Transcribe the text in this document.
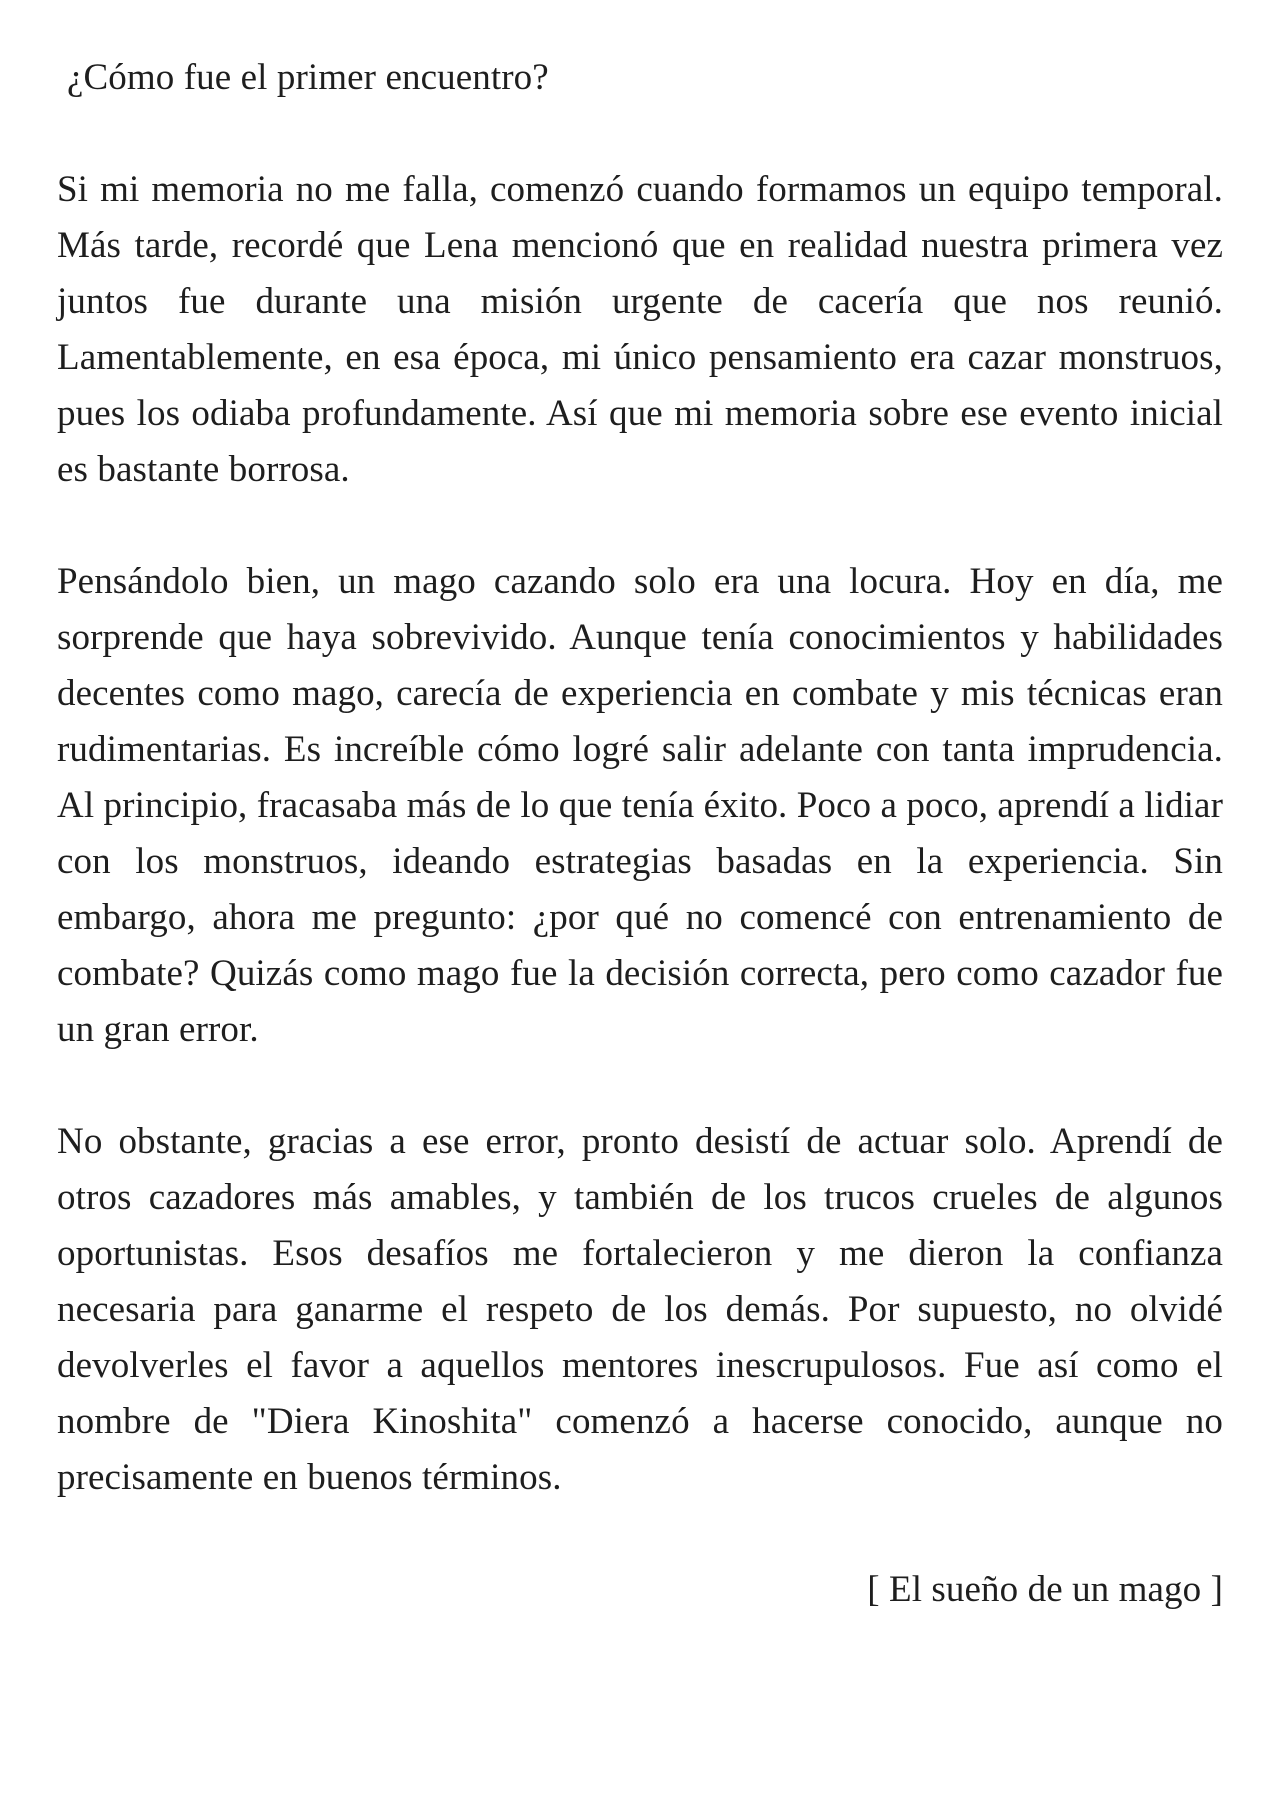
¿Cómo fue el primer encuentro?

Si mi memoria no me falla, comenzó cuando formamos un equipo temporal. Más tarde, recordé que Lena mencionó que en realidad nuestra primera vez juntos fue durante una misión urgente de cacería que nos reunió. Lamentablemente, en esa época, mi único pensamiento era cazar monstruos, pues los odiaba profundamente. Así que mi memoria sobre ese evento inicial es bastante borrosa.

Pensándolo bien, un mago cazando solo era una locura. Hoy en día, me sorprende que haya sobrevivido. Aunque tenía conocimientos y habilidades decentes como mago, carecía de experiencia en combate y mis técnicas eran rudimentarias. Es increíble cómo logré salir adelante con tanta imprudencia. Al principio, fracasaba más de lo que tenía éxito. Poco a poco, aprendí a lidiar con los monstruos, ideando estrategias basadas en la experiencia. Sin embargo, ahora me pregunto: ¿por qué no comencé con entrenamiento de combate? Quizás como mago fue la decisión correcta, pero como cazador fue un gran error.

No obstante, gracias a ese error, pronto desistí de actuar solo. Aprendí de otros cazadores más amables, y también de los trucos crueles de algunos oportunistas. Esos desafíos me fortalecieron y me dieron la confianza necesaria para ganarme el respeto de los demás. Por supuesto, no olvidé devolverles el favor a aquellos mentores inescrupulosos. Fue así como el nombre de "Diera Kinoshita" comenzó a hacerse conocido, aunque no precisamente en buenos términos.

[ El sueño de un mago ]
